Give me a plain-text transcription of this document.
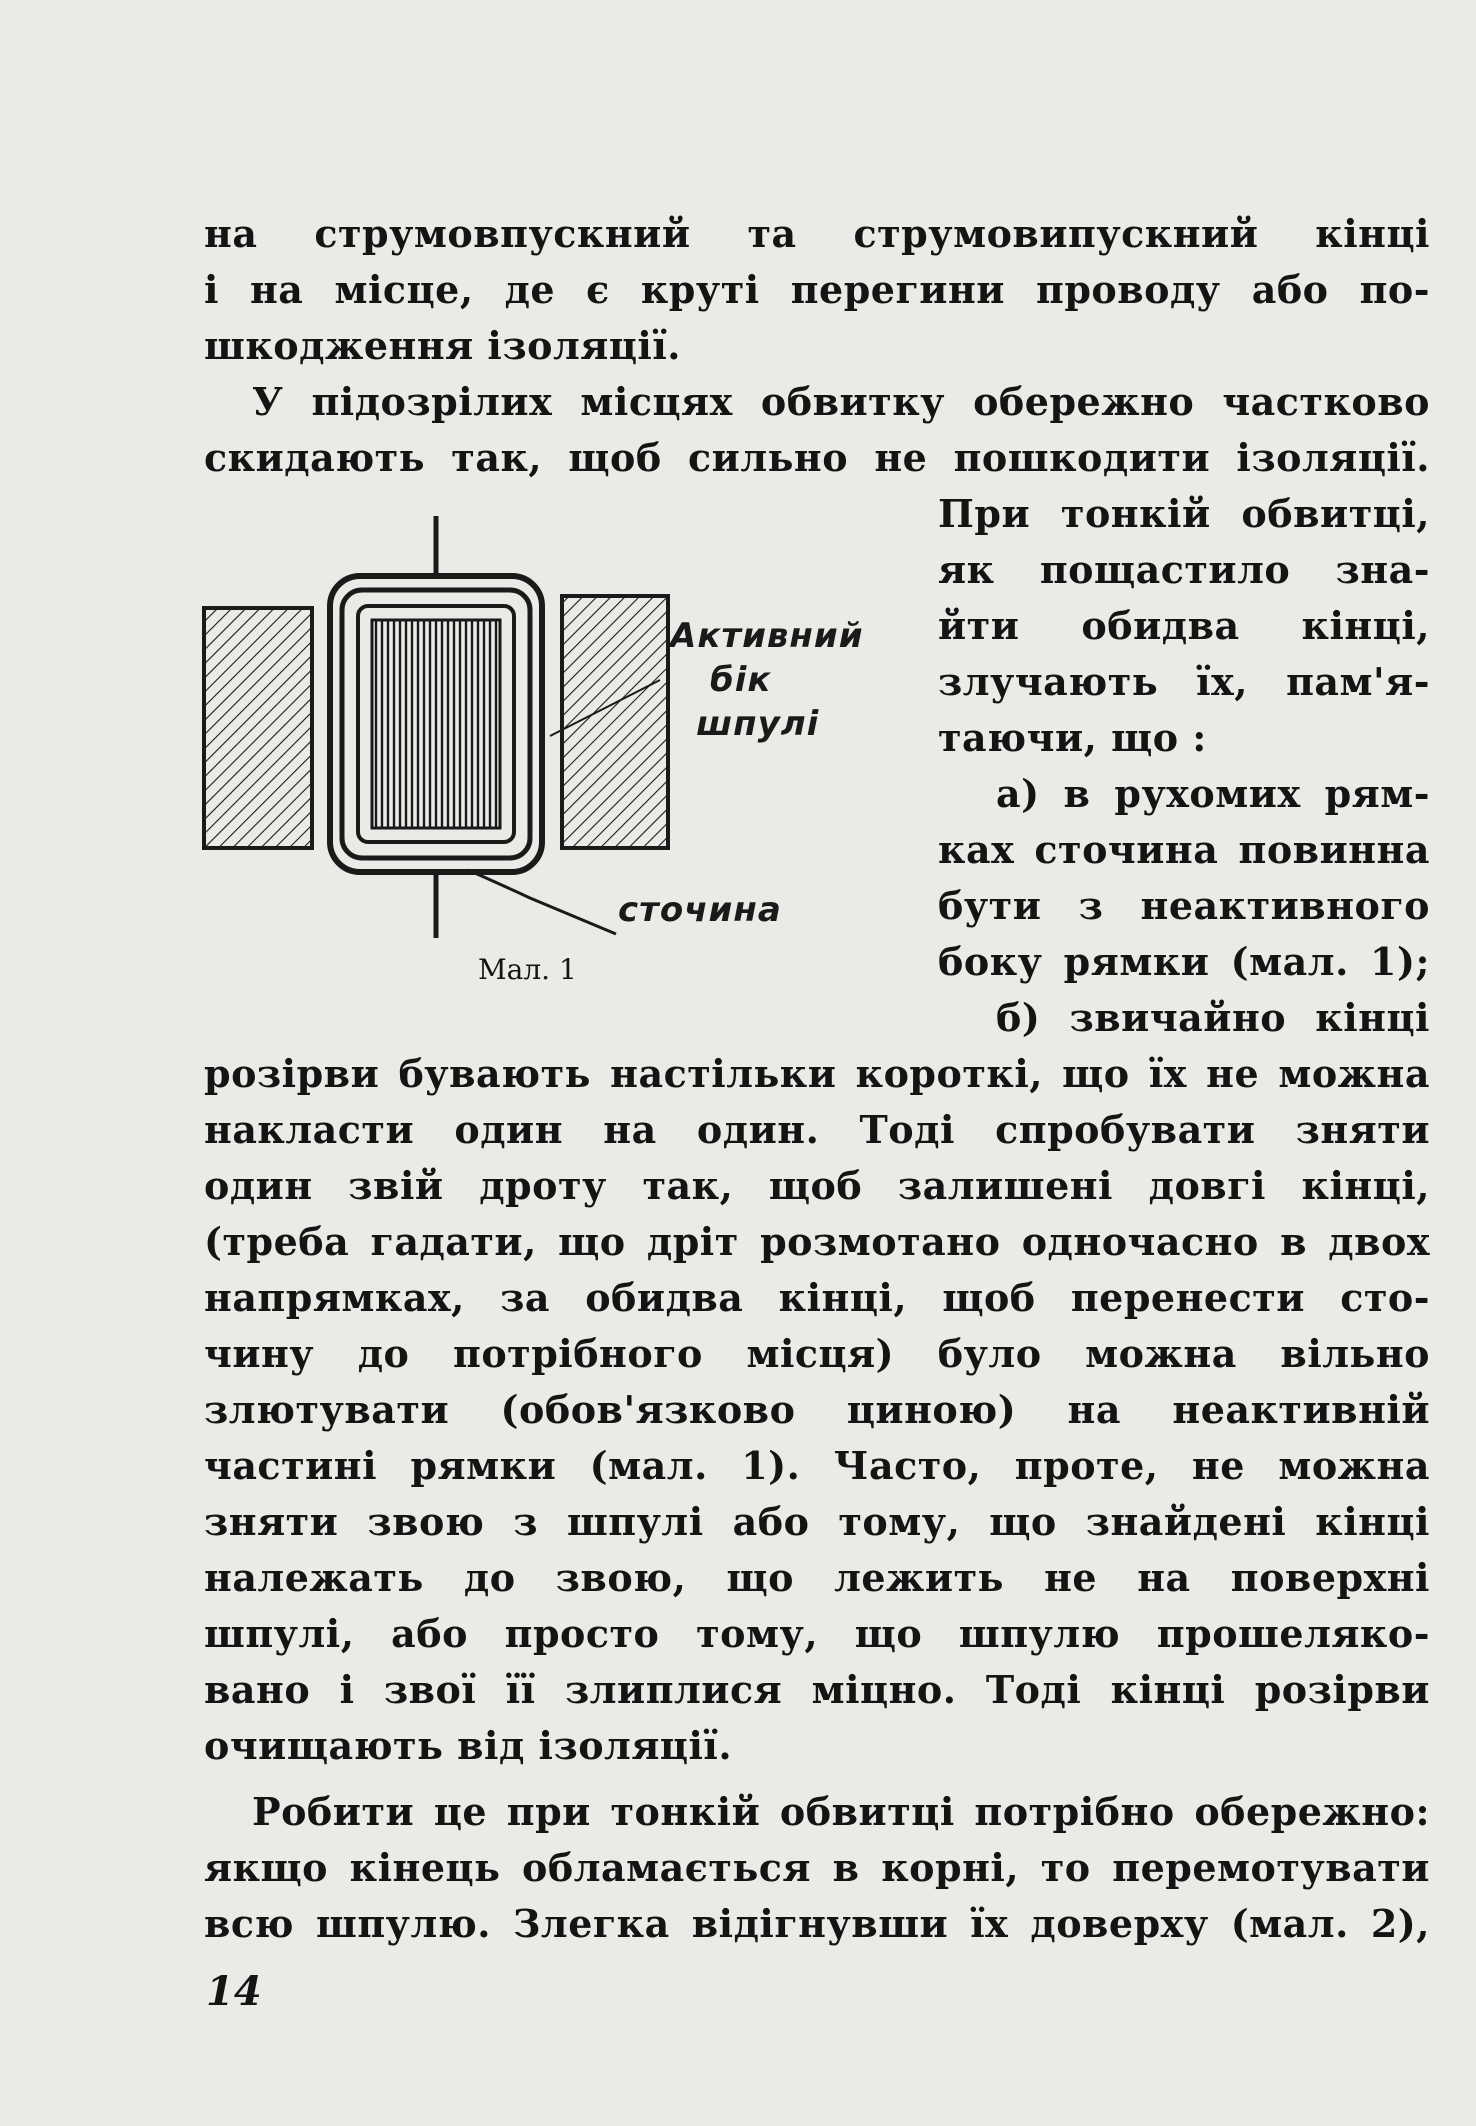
на струмовпускний та струмовипускний кінці
і на місце, де є круті перегини проводу або по-
шкодження ізоляції.
У підозрілих місцях обвитку обережно частково
скидають так, щоб сильно не пошкодити ізоляції.
При тонкій обвитці,
як пощастило зна-
йти обидва кінці,
злучають їх, пам'я-
таючи, що :
а) в рухомих рям-
ках сточина повинна
бути з неактивного
боку рямки (мал. 1);
б) звичайно кінці
розірви бувають настільки короткі, що їх не можна
накласти один на один. Тоді спробувати зняти
один звій дроту так, щоб залишені довгі кінці,
(треба гадати, що дріт розмотано одночасно в двох
напрямках, за обидва кінці, щоб перенести сто-
чину до потрібного місця) було можна вільно
злютувати (обов'язково циною) на неактивній
частині рямки (мал. 1). Часто, проте, не можна
зняти звою з шпулі або тому, що знайдені кінці
належать до звою, що лежить не на поверхні
шпулі, або просто тому, що шпулю прошеляко-
вано і звої її злиплися міцно. Тоді кінці розірви
очищають від ізоляції.
Робити це при тонкій обвитці потрібно обережно:
якщо кінець обламається в корні, то перемотувати
всю шпулю. Злегка відігнувши їх доверху (мал. 2),
Активний
бік
шпулі
сточина
Мал. 1
14
